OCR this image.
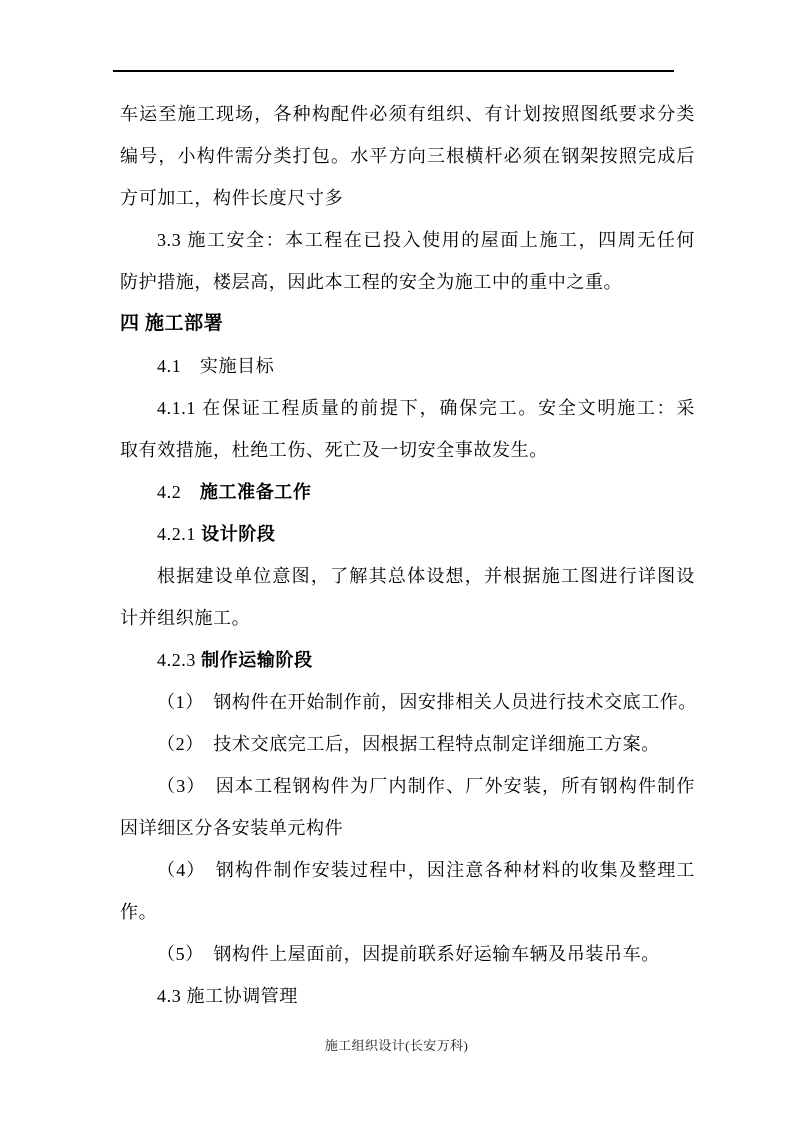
车运至施工现场，各种构配件必须有组织、有计划按照图纸要求分类
编号，小构件需分类打包。水平方向三根横杆必须在钢架按照完成后
方可加工，构件长度尺寸多
3.3 施工安全：本工程在已投入使用的屋面上施工，四周无任何
防护措施，楼层高，因此本工程的安全为施工中的重中之重。
四 施工部署
4.1　实施目标
4.1.1 在保证工程质量的前提下，确保完工。安全文明施工：采
取有效措施，杜绝工伤、死亡及一切安全事故发生。
4.2　施工准备工作
4.2.1 设计阶段
根据建设单位意图，了解其总体设想，并根据施工图进行详图设
计并组织施工。
4.2.3 制作运输阶段
（1）　钢构件在开始制作前，因安排相关人员进行技术交底工作。
（2）　技术交底完工后，因根据工程特点制定详细施工方案。
（3）　因本工程钢构件为厂内制作、厂外安装，所有钢构件制作
因详细区分各安装单元构件
（4）　钢构件制作安装过程中，因注意各种材料的收集及整理工
作。
（5）　钢构件上屋面前，因提前联系好运输车辆及吊装吊车。
4.3 施工协调管理
施工组织设计(长安万科)
